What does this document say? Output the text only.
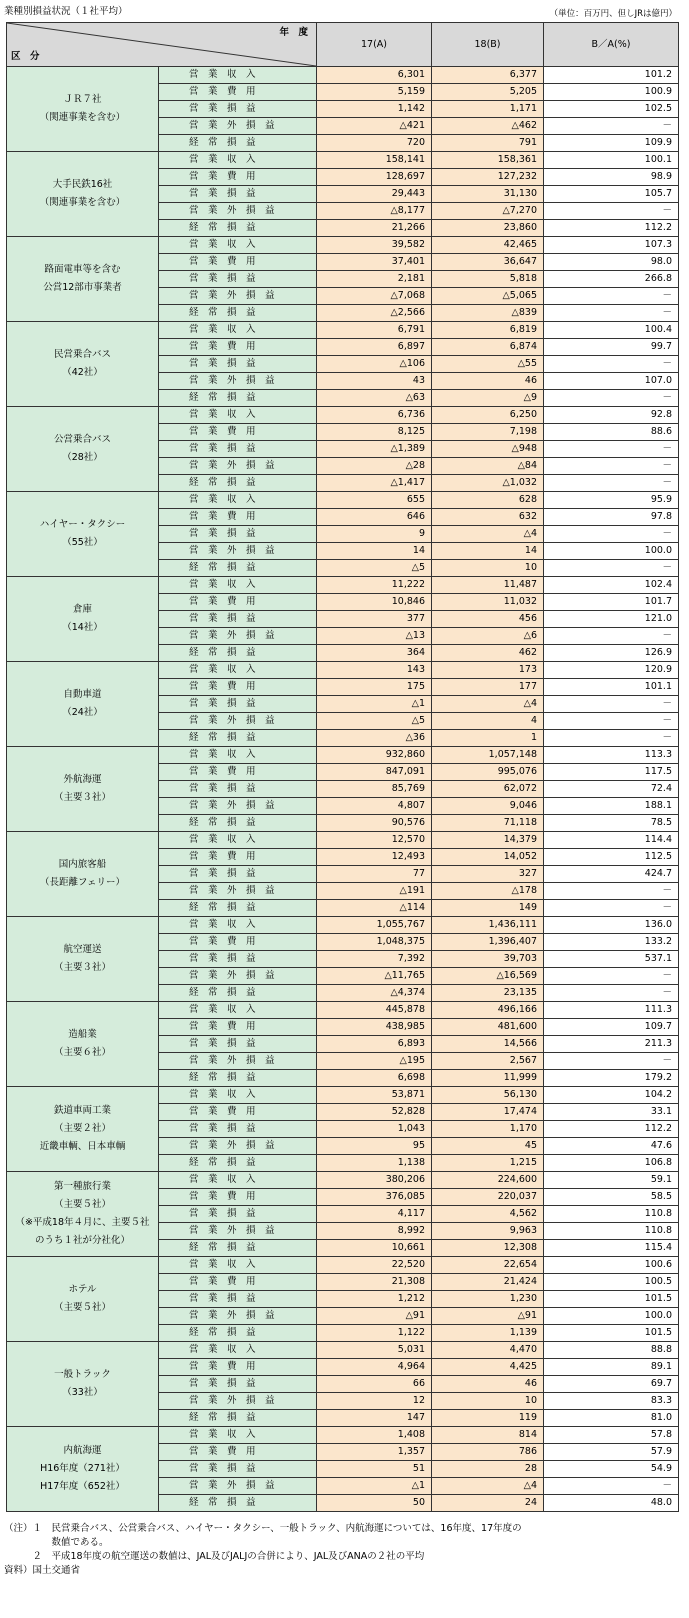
業種別損益状況（１社平均）	（単位：百万円、但しJRは億円）
年　度
区　分		17(A)	18(B)	B／A(%)

ＪＲ７社
（関連事業を含む）	営　業　収　入	6,301	6,377	101.2
	営　業　費　用	5,159	5,205	100.9
	営　業　損　益	1,142	1,171	102.5
	営　業　外　損　益	△421	△462	－
	経　常　損　益	720	791	109.9

大手民鉄16社
（関連事業を含む）	営　業　収　入	158,141	158,361	100.1
	営　業　費　用	128,697	127,232	98.9
	営　業　損　益	29,443	31,130	105.7
	営　業　外　損　益	△8,177	△7,270	－
	経　常　損　益	21,266	23,860	112.2

路面電車等を含む
公営12部市事業者	営　業　収　入	39,582	42,465	107.3
	営　業　費　用	37,401	36,647	98.0
	営　業　損　益	2,181	5,818	266.8
	営　業　外　損　益	△7,068	△5,065	－
	経　常　損　益	△2,566	△839	－

民営乗合バス
（42社）	営　業　収　入	6,791	6,819	100.4
	営　業　費　用	6,897	6,874	99.7
	営　業　損　益	△106	△55	－
	営　業　外　損　益	43	46	107.0
	経　常　損　益	△63	△9	－

公営乗合バス
（28社）	営　業　収　入	6,736	6,250	92.8
	営　業　費　用	8,125	7,198	88.6
	営　業　損　益	△1,389	△948	－
	営　業　外　損　益	△28	△84	－
	経　常　損　益	△1,417	△1,032	－

ハイヤー・タクシー
（55社）	営　業　収　入	655	628	95.9
	営　業　費　用	646	632	97.8
	営　業　損　益	9	△4	－
	営　業　外　損　益	14	14	100.0
	経　常　損　益	△5	10	－

倉庫
（14社）	営　業　収　入	11,222	11,487	102.4
	営　業　費　用	10,846	11,032	101.7
	営　業　損　益	377	456	121.0
	営　業　外　損　益	△13	△6	－
	経　常　損　益	364	462	126.9

自動車道
（24社）	営　業　収　入	143	173	120.9
	営　業　費　用	175	177	101.1
	営　業　損　益	△1	△4	－
	営　業　外　損　益	△5	4	－
	経　常　損　益	△36	1	－

外航海運
（主要３社）	営　業　収　入	932,860	1,057,148	113.3
	営　業　費　用	847,091	995,076	117.5
	営　業　損　益	85,769	62,072	72.4
	営　業　外　損　益	4,807	9,046	188.1
	経　常　損　益	90,576	71,118	78.5

国内旅客船
（長距離フェリー）	営　業　収　入	12,570	14,379	114.4
	営　業　費　用	12,493	14,052	112.5
	営　業　損　益	77	327	424.7
	営　業　外　損　益	△191	△178	－
	経　常　損　益	△114	149	－

航空運送
（主要３社）	営　業　収　入	1,055,767	1,436,111	136.0
	営　業　費　用	1,048,375	1,396,407	133.2
	営　業　損　益	7,392	39,703	537.1
	営　業　外　損　益	△11,765	△16,569	－
	経　常　損　益	△4,374	23,135	－

造船業
（主要６社）	営　業　収　入	445,878	496,166	111.3
	営　業　費　用	438,985	481,600	109.7
	営　業　損　益	6,893	14,566	211.3
	営　業　外　損　益	△195	2,567	－
	経　常　損　益	6,698	11,999	179.2

鉄道車両工業
（主要２社）
近畿車輌、日本車輌	営　業　収　入	53,871	56,130	104.2
	営　業　費　用	52,828	17,474	33.1
	営　業　損　益	1,043	1,170	112.2
	営　業　外　損　益	95	45	47.6
	経　常　損　益	1,138	1,215	106.8

第一種旅行業
（主要５社）
（※平成18年４月に、主要５社
のうち１社が分社化）	営　業　収　入	380,206	224,600	59.1
	営　業　費　用	376,085	220,037	58.5
	営　業　損　益	4,117	4,562	110.8
	営　業　外　損　益	8,992	9,963	110.8
	経　常　損　益	10,661	12,308	115.4

ホテル
（主要５社）	営　業　収　入	22,520	22,654	100.6
	営　業　費　用	21,308	21,424	100.5
	営　業　損　益	1,212	1,230	101.5
	営　業　外　損　益	△91	△91	100.0
	経　常　損　益	1,122	1,139	101.5

一般トラック
（33社）	営　業　収　入	5,031	4,470	88.8
	営　業　費　用	4,964	4,425	89.1
	営　業　損　益	66	46	69.7
	営　業　外　損　益	12	10	83.3
	経　常　損　益	147	119	81.0

内航海運
H16年度（271社）
H17年度（652社）	営　業　収　入	1,408	814	57.8
	営　業　費　用	1,357	786	57.9
	営　業　損　益	51	28	54.9
	営　業　外　損　益	△1	△4	－
	経　常　損　益	50	24	48.0
（注）１　民営乗合バス、公営乗合バス、ハイヤー・タクシー、一般トラック、内航海運については、16年度、17年度の
　　　　　数値である。
　　　２　平成18年度の航空運送の数値は、JAL及びJALJの合併により、JAL及びANAの２社の平均
資料）国土交通省
